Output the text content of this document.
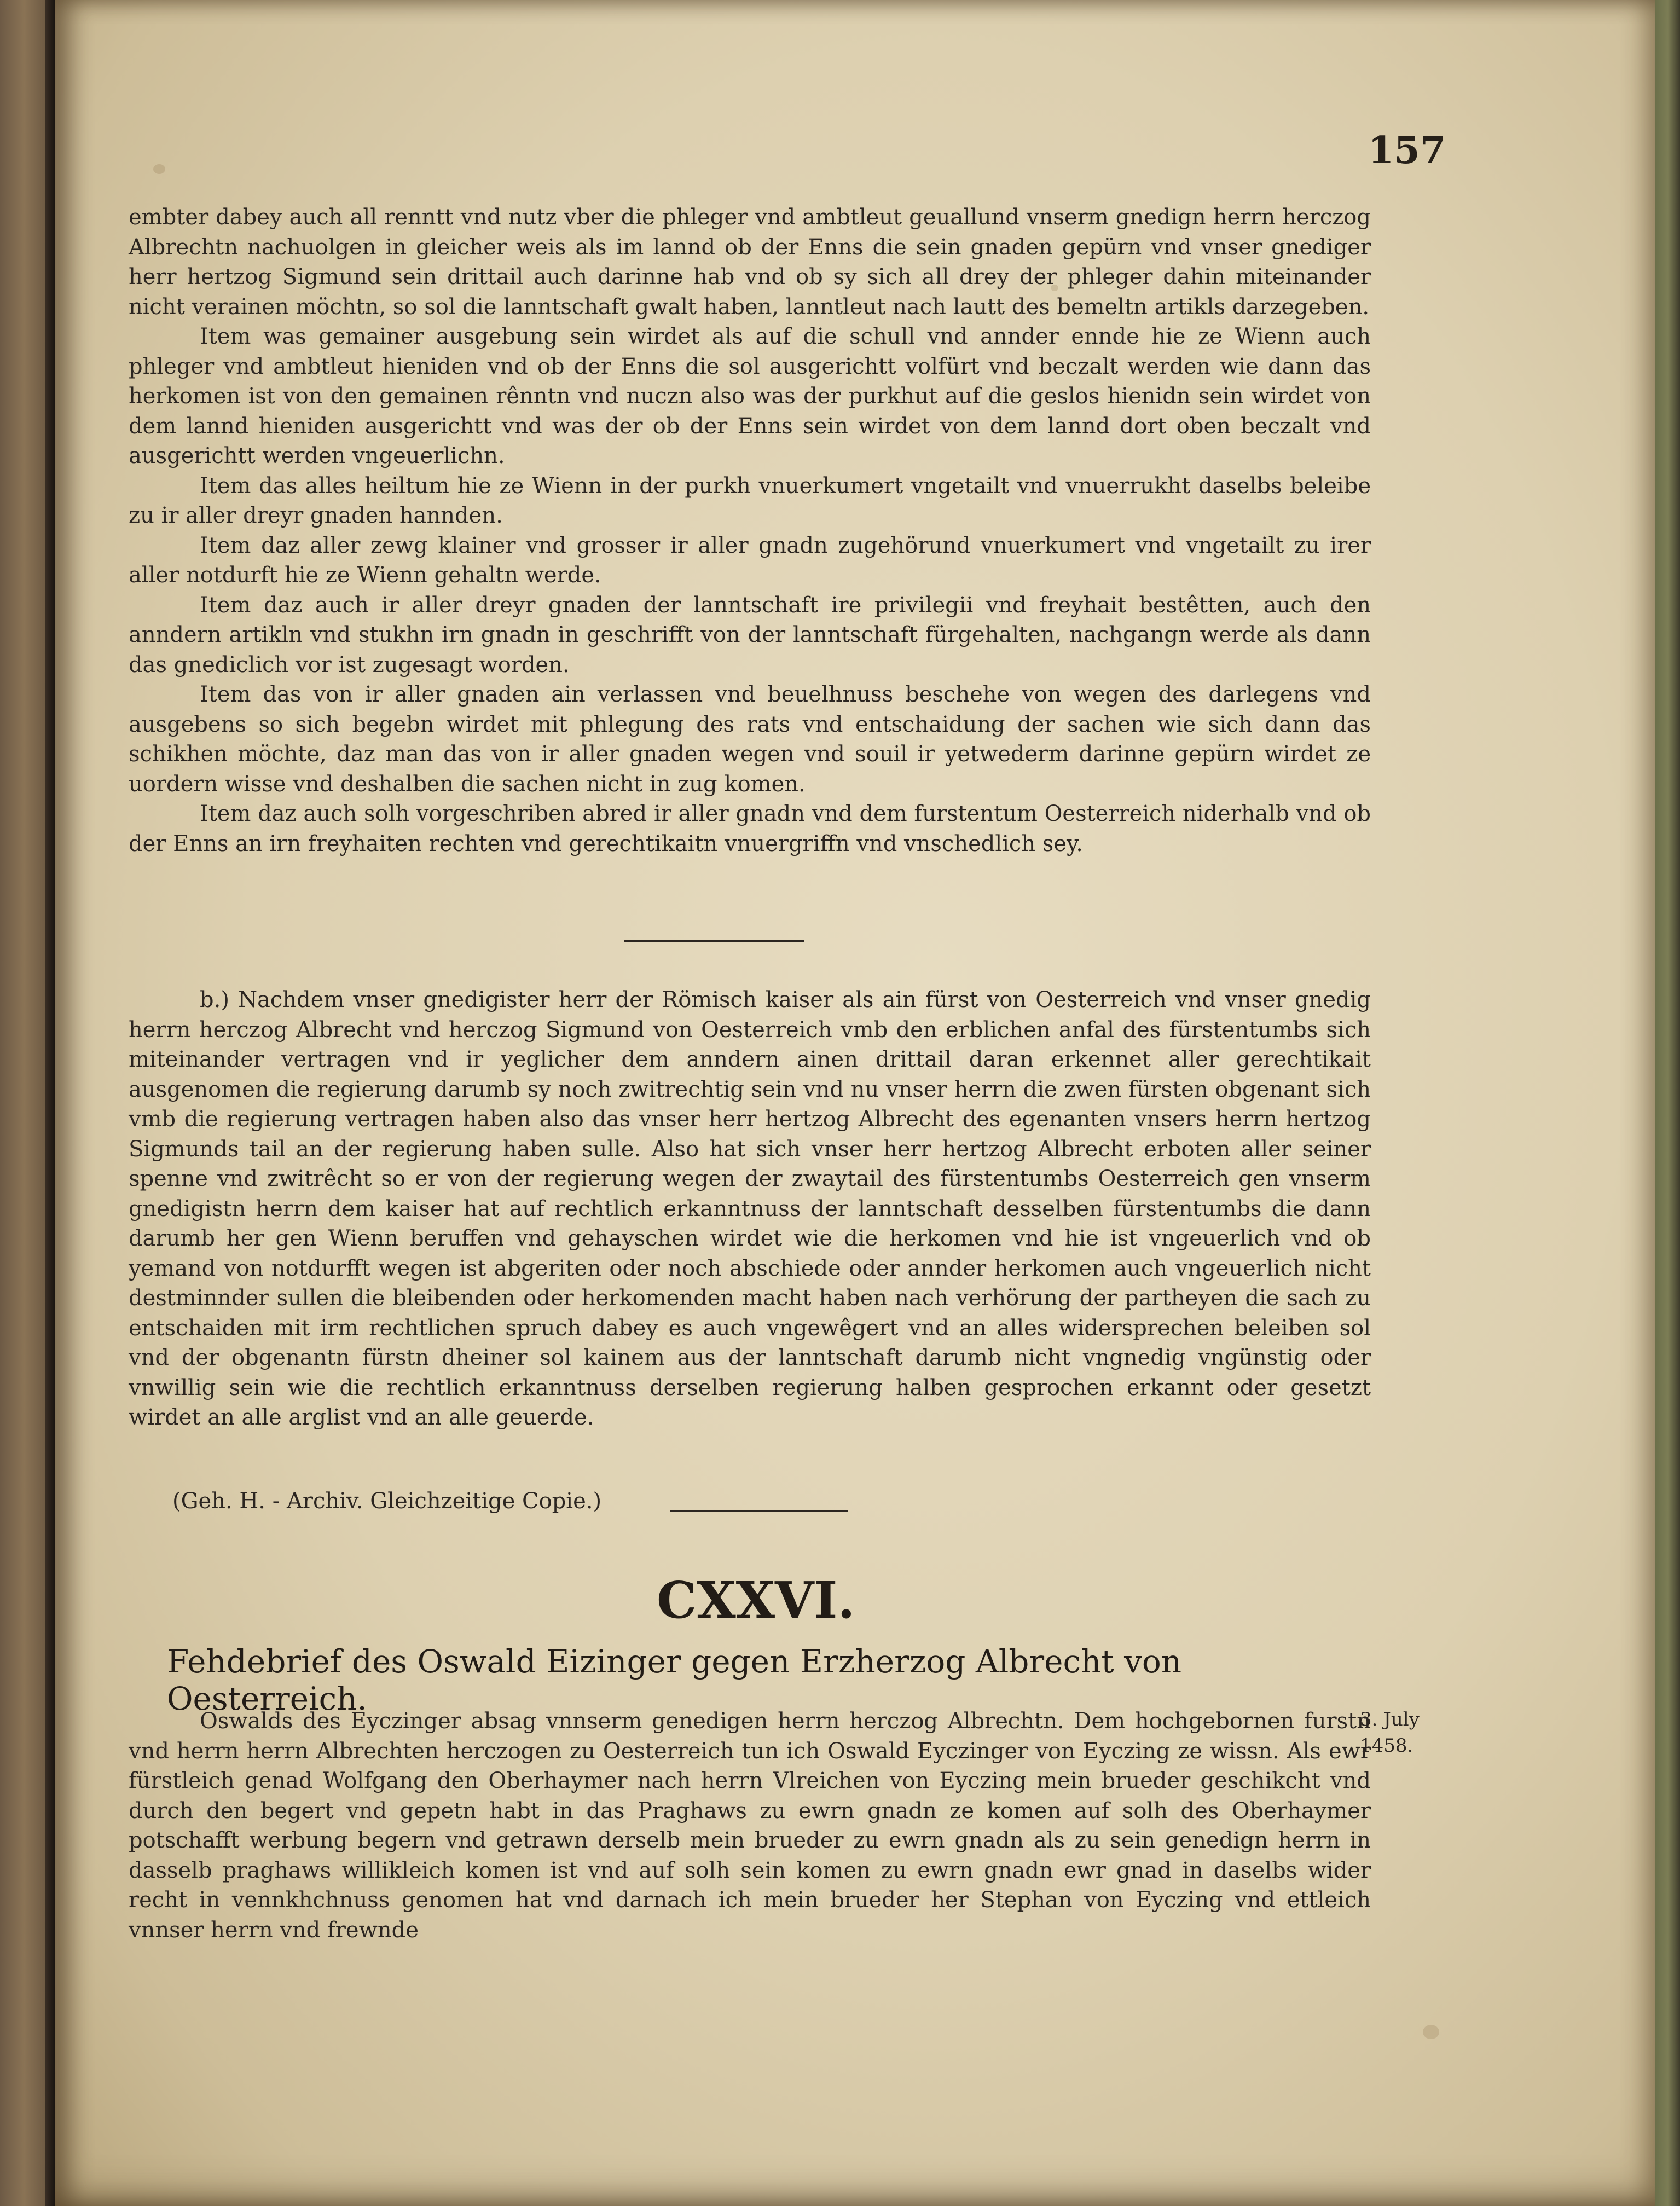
157

embter dabey auch all renntt vnd nutz vber die phleger vnd ambtleut geuallund vnserm gnedign herrn herczog Albrechtn nachuolgen in gleicher weis als im lannd ob der Enns die sein gnaden gepürn vnd vnser gnediger herr hertzog Sigmund sein drittail auch darinne hab vnd ob sy sich all drey der phleger dahin miteinander nicht verainen möchtn, so sol die lanntschaft gwalt haben, lanntleut nach lautt des bemeltn artikls darzegeben.

Item was gemainer ausgebung sein wirdet als auf die schull vnd annder ennde hie ze Wienn auch phleger vnd ambtleut hieniden vnd ob der Enns die sol ausgerichtt volfürt vnd beczalt werden wie dann das herkomen ist von den gemainen rênntn vnd nuczn also was der purkhut auf die geslos hienidn sein wirdet von dem lannd hieniden ausgerichtt vnd was der ob der Enns sein wirdet von dem lannd dort oben beczalt vnd ausgerichtt werden vngeuerlichn.

Item das alles heiltum hie ze Wienn in der purkh vnuerkumert vngetailt vnd vnuerrukht daselbs beleibe zu ir aller dreyr gnaden hannden.

Item daz aller zewg klainer vnd grosser ir aller gnadn zugehörund vnuerkumert vnd vngetailt zu irer aller notdurft hie ze Wienn gehaltn werde.

Item daz auch ir aller dreyr gnaden der lanntschaft ire privilegii vnd freyhait bestêtten, auch den anndern artikln vnd stukhn irn gnadn in geschrifft von der lanntschaft fürgehalten, nachgangn werde als dann das gnediclich vor ist zugesagt worden.

Item das von ir aller gnaden ain verlassen vnd beuelhnuss beschehe von wegen des darlegens vnd ausgebens so sich begebn wirdet mit phlegung des rats vnd entschaidung der sachen wie sich dann das schikhen möchte, daz man das von ir aller gnaden wegen vnd souil ir yetwederm darinne gepürn wirdet ze uordern wisse vnd deshalben die sachen nicht in zug komen.

Item daz auch solh vorgeschriben abred ir aller gnadn vnd dem furstentum Oesterreich niderhalb vnd ob der Enns an irn freyhaiten rechten vnd gerechtikaitn vnuergriffn vnd vnschedlich sey.

b.) Nachdem vnser gnedigister herr der Römisch kaiser als ain fürst von Oesterreich vnd vnser gnedig herrn herczog Albrecht vnd herczog Sigmund von Oesterreich vmb den erblichen anfal des fürstentumbs sich miteinander vertragen vnd ir yeglicher dem anndern ainen drittail daran erkennet aller gerechtikait ausgenomen die regierung darumb sy noch zwitrechtig sein vnd nu vnser herrn die zwen fürsten obgenant sich vmb die regierung vertragen haben also das vnser herr hertzog Albrecht des egenanten vnsers herrn hertzog Sigmunds tail an der regierung haben sulle. Also hat sich vnser herr hertzog Albrecht erboten aller seiner spenne vnd zwitrêcht so er von der regierung wegen der zwaytail des fürstentumbs Oesterreich gen vnserm gnedigistn herrn dem kaiser hat auf rechtlich erkanntnuss der lanntschaft desselben fürstentumbs die dann darumb her gen Wienn beruffen vnd gehayschen wirdet wie die herkomen vnd hie ist vngeuerlich vnd ob yemand von notdurfft wegen ist abgeriten oder noch abschiede oder annder herkomen auch vngeuerlich nicht destminnder sullen die bleibenden oder herkomenden macht haben nach verhörung der partheyen die sach zu entschaiden mit irm rechtlichen spruch dabey es auch vngewêgert vnd an alles widersprechen beleiben sol vnd der obgenantn fürstn dheiner sol kainem aus der lanntschaft darumb nicht vngnedig vngünstig oder vnwillig sein wie die rechtlich erkanntnuss derselben regierung halben gesprochen erkannt oder gesetzt wirdet an alle arglist vnd an alle geuerde.

(Geh. H. - Archiv. Gleichzeitige Copie.)
CXXVI.
Fehdebrief des Oswald Eizinger gegen Erzherzog Albrecht von Oesterreich.
3. July
1458.

Oswalds des Eyczinger absag vnnserm genedigen herrn herczog Albrechtn. Dem hochgebornen furstn vnd herrn herrn Albrechten herczogen zu Oesterreich tun ich Oswald Eyczinger von Eyczing ze wissn. Als ewr fürstleich genad Wolfgang den Oberhaymer nach herrn Vlreichen von Eyczing mein brueder geschikcht vnd durch den begert vnd gepetn habt in das Praghaws zu ewrn gnadn ze komen auf solh des Oberhaymer potschafft werbung begern vnd getrawn derselb mein brueder zu ewrn gnadn als zu sein genedign herrn in dasselb praghaws willikleich komen ist vnd auf solh sein komen zu ewrn gnadn ewr gnad in daselbs wider recht in vennkhchnuss genomen hat vnd darnach ich mein brueder her Stephan von Eyczing vnd ettleich vnnser herrn vnd frewnde
